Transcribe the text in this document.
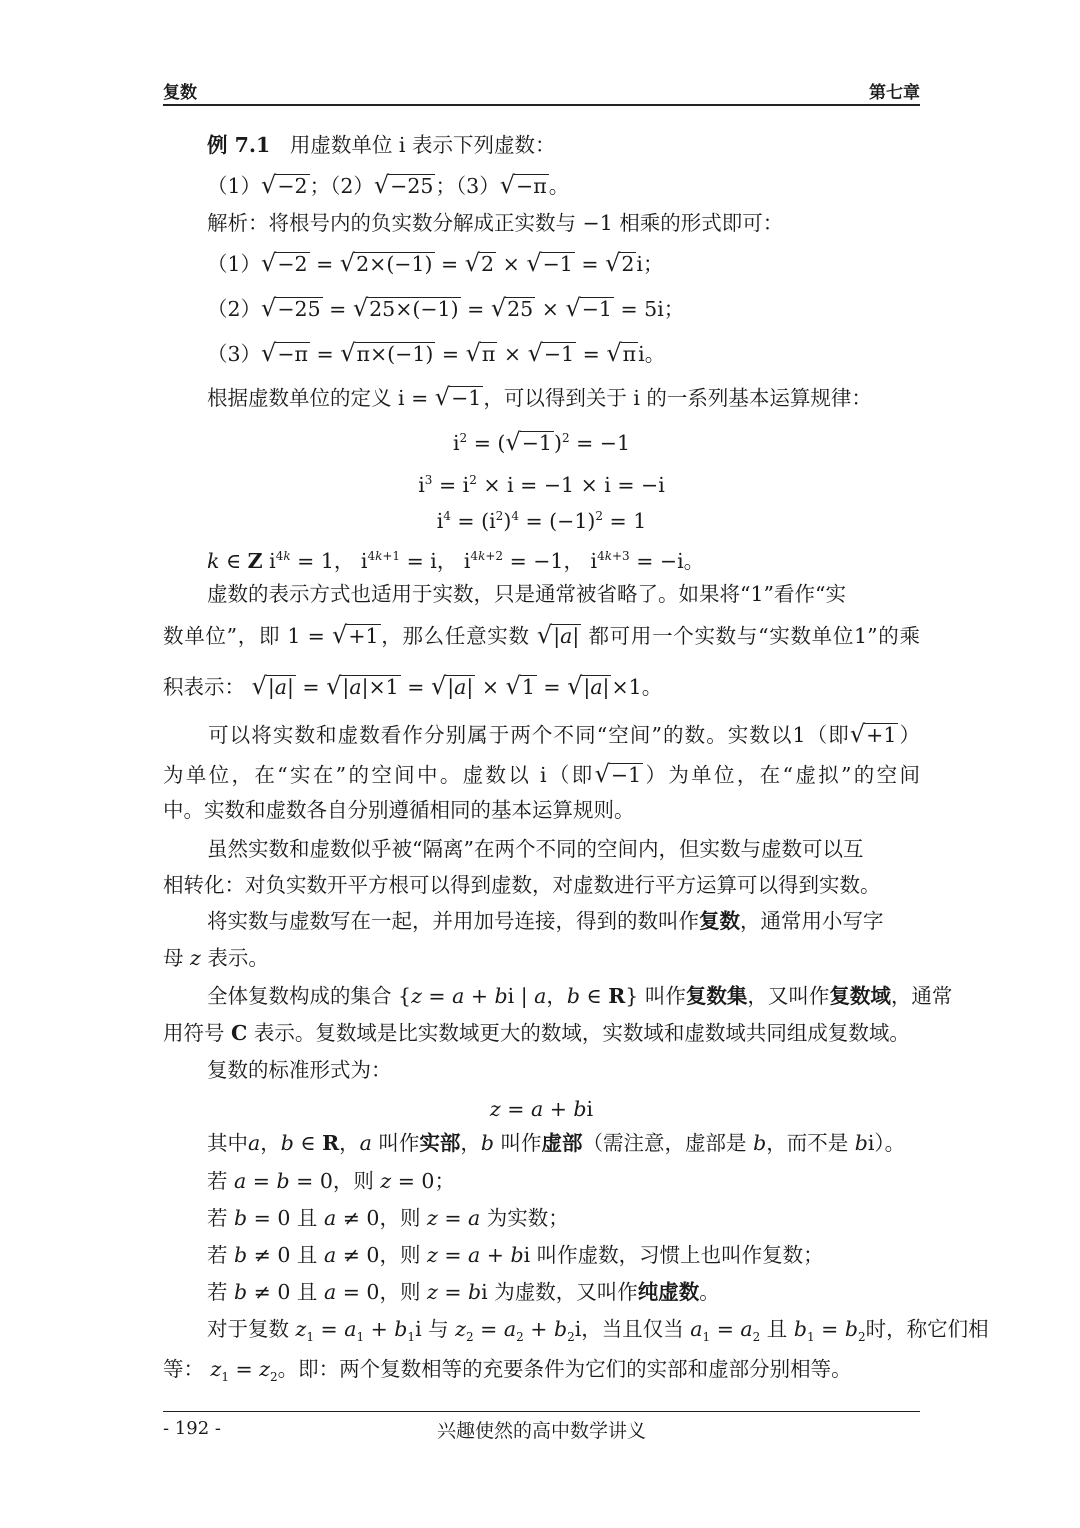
复数	第七章
例 7.1 用虚数单位 i 表示下列虚数：
（1）√−2；（2）√−25；（3）√−π。
解析：将根号内的负实数分解成正实数与 −1 相乘的形式即可：
（1）√−2 = √2×(−1) = √2 × √−1 = √2i；
（2）√−25 = √25×(−1) = √25 × √−1 = 5i；
（3）√−π = √π×(−1) = √π × √−1 = √πi。
根据虚数单位的定义 i = √−1，可以得到关于 i 的一系列基本运算规律：
$i^2 = (√-1)^2 = -1$
$i^3 = i^2 \times i = -1 \times i = -i$
$i^4 = (i^2)^4 = (-1)^2 = 1$
k ∈ Z $i^{4k} = 1$， $i^{4k+1} = i$， $i^{4k+2} = -1$， $i^{4k+3} = -i$。
虚数的表示方式也适用于实数，只是通常被省略了。如果将“1”看作“实
数单位”，即 1 = √+1，那么任意实数 √|a| 都可用一个实数与“实数单位1”的乘
积表示： √|a| = √|a|×1 = √|a| × √1 = √|a|×1。
可以将实数和虚数看作分别属于两个不同“空间”的数。实数以1（即√+1）
为单位，在“实在”的空间中。虚数以 i（即√−1）为单位，在“虚拟”的空间
中。实数和虚数各自分别遵循相同的基本运算规则。
虽然实数和虚数似乎被“隔离”在两个不同的空间内，但实数与虚数可以互
相转化：对负实数开平方根可以得到虚数，对虚数进行平方运算可以得到实数。
将实数与虚数写在一起，并用加号连接，得到的数叫作复数，通常用小写字
母 z 表示。
全体复数构成的集合 {z = a + bi | a，b ∈ R} 叫作复数集，又叫作复数域，通常
用符号 C 表示。复数域是比实数域更大的数域，实数域和虚数域共同组成复数域。
复数的标准形式为：
z = a + bi
其中a，b ∈ R，a 叫作实部，b 叫作虚部（需注意，虚部是 b，而不是 bi）。
若 a = b = 0，则 z = 0；
若 b = 0 且 a ≠ 0，则 z = a 为实数；
若 b ≠ 0 且 a ≠ 0，则 z = a + bi 叫作虚数，习惯上也叫作复数；
若 b ≠ 0 且 a = 0，则 z = bi 为虚数，又叫作纯虚数。
对于复数 $z_1 = a_1 + b_1i$ 与 $z_2 = a_2 + b_2i$，当且仅当 $a_1 = a_2$ 且 $b_1 = b_2$时，称它们相
等： $z_1 = z_2$。即：两个复数相等的充要条件为它们的实部和虚部分别相等。
- 192 -	兴趣使然的高中数学讲义
